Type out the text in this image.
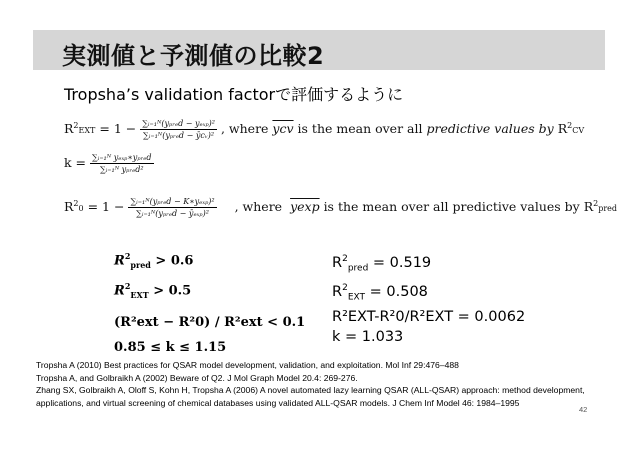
実測値と予測値の比較2
Tropsha’s validation factorで評価するように
$R^2EXT = 1 - \frac{\text{∑ᵢ₌₁ᴺ(yₚᵣₑd − yₑₓₚ)²}}{\text{∑ᵢ₌₁ᴺ(yₚᵣₑd − ȳcᵥ)²}}$ , where $\overline{ycv}$ is the mean over all predictive values by $R^2CV$
$k = \frac{\text{∑ᵢ₌₁ᴺ yₑₓₚ∗yₚᵣₑd}}{\text{∑ᵢ₌₁ᴺ yₚᵣₑd²}}$
$R^20 = 1 - \frac{\text{∑ᵢ₌₁ᴺ(yₚᵣₑd − K∗yₑₓₚ)²}}{\text{∑ᵢ₌₁ᴺ(yₚᵣₑd − ȳₑₓₚ)²}}$ , where yexp is the mean over all predictive values by $R^2pred$
$R^2_{pred} > 0.6$
$R^2_{EXT} > 0.5$
(R²ext − R²0) / R²ext < 0.1
0.85 ≤ k ≤ 1.15
$R^2_{pred} = 0.519$
$R^2_{EXT} = 0.508$
R²EXT-R²0/R²EXT = 0.0062
k = 1.033
Tropsha A (2010) Best practices for QSAR model development, validation, and exploitation. Mol Inf 29:476–488
Tropsha A, and Golbraikh A (2002) Beware of Q2. J Mol Graph Model 20.4: 269-276.
Zhang SX, Golbraikh A, Oloff S, Kohn H, Tropsha A (2006) A novel automated lazy learning QSAR (ALL-QSAR) approach: method development, applications, and virtual screening of chemical databases using validated ALL-QSAR models. J Chem Inf Model 46: 1984–1995
42
